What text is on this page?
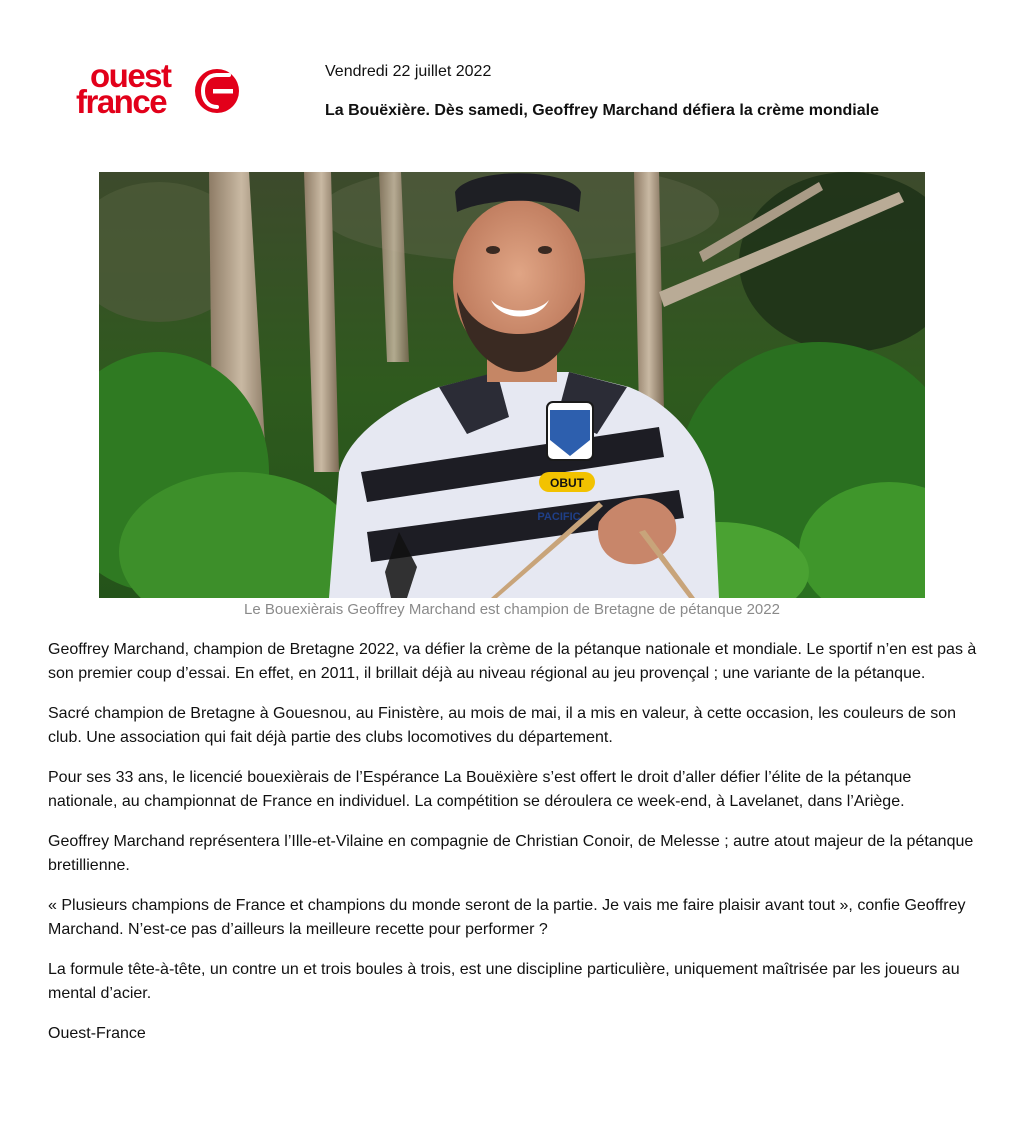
ouest
france
Vendredi 22 juillet 2022
La Bouëxière. Dès samedi, Geoffrey Marchand défiera la crème mondiale
OBUT
PACIFIC
Le Bouexièrais Geoffrey Marchand est champion de Bretagne de pétanque 2022

Geoffrey Marchand, champion de Bretagne 2022, va défier la crème de la pétanque nationale et mondiale. Le sportif n’en est pas à son premier coup d’essai. En effet, en 2011, il brillait déjà au niveau régional au jeu provençal ; une variante de la pétanque.

Sacré champion de Bretagne à Gouesnou, au Finistère, au mois de mai, il a mis en valeur, à cette occasion, les couleurs de son club. Une association qui fait déjà partie des clubs locomotives du département.

Pour ses 33 ans, le licencié bouexièrais de l’Espérance La Bouëxière s’est offert le droit d’aller défier l’élite de la pétanque nationale, au championnat de France en individuel. La compétition se déroulera ce week-end, à Lavelanet, dans l’Ariège.

Geoffrey Marchand représentera l’Ille-et-Vilaine en compagnie de Christian Conoir, de Melesse ; autre atout majeur de la pétanque bretillienne.

« Plusieurs champions de France et champions du monde seront de la partie. Je vais me faire plaisir avant tout », confie Geoffrey Marchand. N’est-ce pas d’ailleurs la meilleure recette pour performer ?

La formule tête-à-tête, un contre un et trois boules à trois, est une discipline particulière, uniquement maîtrisée par les joueurs au mental d’acier.

Ouest-France
